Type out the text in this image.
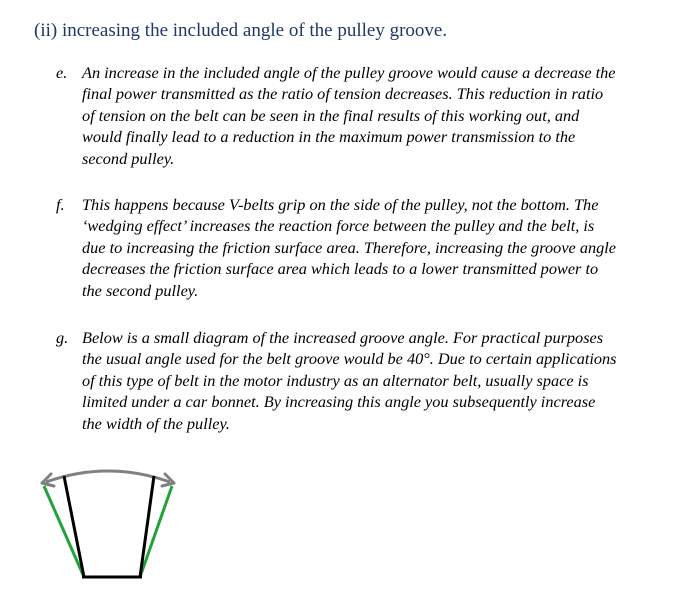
(ii) increasing the included angle of the pulley groove.
e. An increase in the included angle of the pulley groove would cause a decrease the
final power transmitted as the ratio of tension decreases. This reduction in ratio
of tension on the belt can be seen in the final results of this working out, and
would finally lead to a reduction in the maximum power transmission to the
second pulley.
f.	This happens because V-belts grip on the side of the pulley, not the bottom. The
‘wedging effect’ increases the reaction force between the pulley and the belt, is
due to increasing the friction surface area. Therefore, increasing the groove angle
decreases the friction surface area which leads to a lower transmitted power to
the second pulley.
g. Below is a small diagram of the increased groove angle. For practical purposes
the usual angle used for the belt groove would be 40°. Due to certain applications
of this type of belt in the motor industry as an alternator belt, usually space is
limited under a car bonnet. By increasing this angle you subsequently increase
the width of the pulley.
